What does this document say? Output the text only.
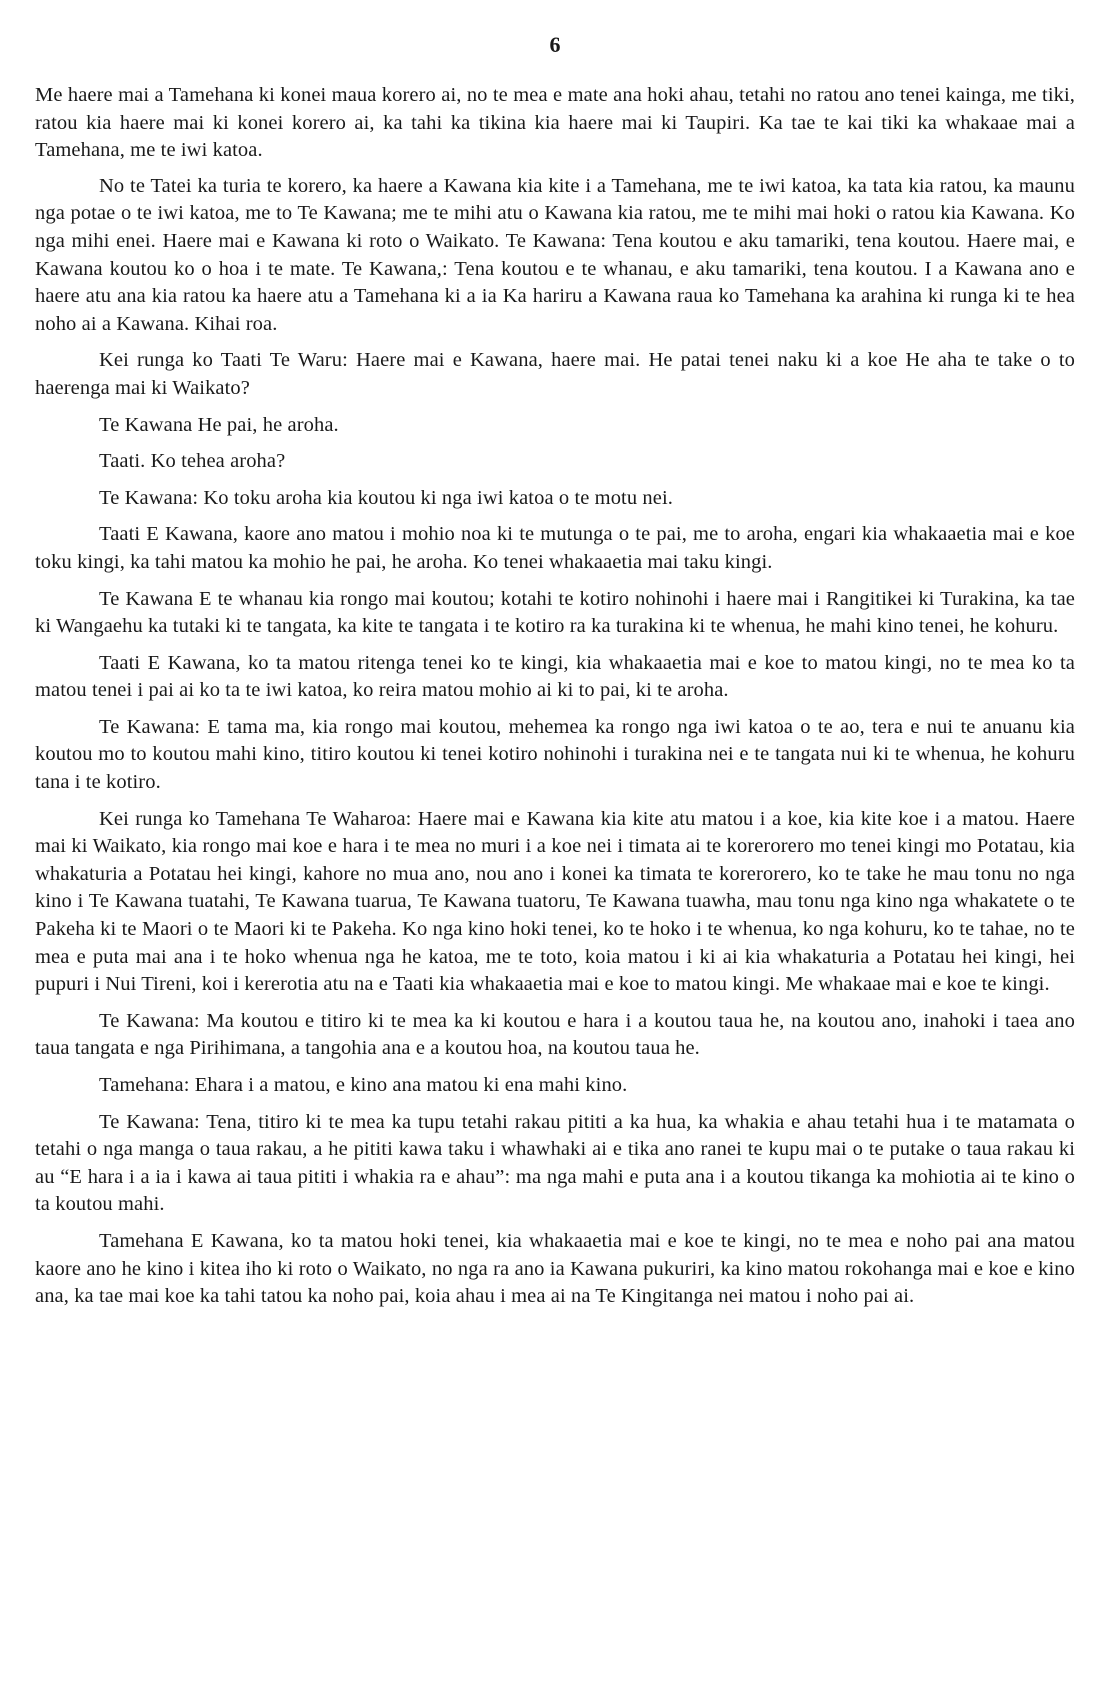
6

Me haere mai a Tamehana ki konei maua korero ai, no te mea e mate ana hoki ahau, tetahi no ratou ano tenei kainga, me tiki, ratou kia haere mai ki konei korero ai, ka tahi ka tikina kia haere mai ki Taupiri. Ka tae te kai tiki ka whakaae mai a Tamehana, me te iwi katoa.

No te Tatei ka turia te korero, ka haere a Kawana kia kite i a Tamehana, me te iwi katoa, ka tata kia ratou, ka maunu nga potae o te iwi katoa, me to Te Kawana; me te mihi atu o Kawana kia ratou, me te mihi mai hoki o ratou kia Kawana. Ko nga mihi enei. Haere mai e Kawana ki roto o Waikato. Te Kawana: Tena koutou e aku tamariki, tena koutou. Haere mai, e Kawana koutou ko o hoa i te mate. Te Kawana,: Tena koutou e te whanau, e aku tamariki, tena koutou. I a Kawana ano e haere atu ana kia ratou ka haere atu a Tamehana ki a ia Ka hariru a Kawana raua ko Tamehana ka arahina ki runga ki te hea noho ai a Kawana. Kihai roa.

Kei runga ko Taati Te Waru: Haere mai e Kawana, haere mai. He patai tenei naku ki a koe He aha te take o to haerenga mai ki Waikato?

Te Kawana He pai, he aroha.

Taati. Ko tehea aroha?

Te Kawana: Ko toku aroha kia koutou ki nga iwi katoa o te motu nei.

Taati E Kawana, kaore ano matou i mohio noa ki te mutunga o te pai, me to aroha, engari kia whakaaetia mai e koe toku kingi, ka tahi matou ka mohio he pai, he aroha. Ko tenei whakaaetia mai taku kingi.

Te Kawana E te whanau kia rongo mai koutou; kotahi te kotiro nohinohi i haere mai i Rangitikei ki Turakina, ka tae ki Wangaehu ka tutaki ki te tangata, ka kite te tangata i te kotiro ra ka turakina ki te whenua, he mahi kino tenei, he kohuru.

Taati E Kawana, ko ta matou ritenga tenei ko te kingi, kia whakaaetia mai e koe to matou kingi, no te mea ko ta matou tenei i pai ai ko ta te iwi katoa, ko reira matou mohio ai ki to pai, ki te aroha.

Te Kawana: E tama ma, kia rongo mai koutou, mehemea ka rongo nga iwi katoa o te ao, tera e nui te anuanu kia koutou mo to koutou mahi kino, titiro koutou ki tenei kotiro nohinohi i turakina nei e te tangata nui ki te whenua, he kohuru tana i te kotiro.

Kei runga ko Tamehana Te Waharoa: Haere mai e Kawana kia kite atu matou i a koe, kia kite koe i a matou. Haere mai ki Waikato, kia rongo mai koe e hara i te mea no muri i a koe nei i timata ai te korerorero mo tenei kingi mo Potatau, kia whakaturia a Potatau hei kingi, kahore no mua ano, nou ano i konei ka timata te korerorero, ko te take he mau tonu no nga kino i Te Kawana tuatahi, Te Kawana tuarua, Te Kawana tuatoru, Te Kawana tuawha, mau tonu nga kino nga whakatete o te Pakeha ki te Maori o te Maori ki te Pakeha. Ko nga kino hoki tenei, ko te hoko i te whenua, ko nga kohuru, ko te tahae, no te mea e puta mai ana i te hoko whenua nga he katoa, me te toto, koia matou i ki ai kia whakaturia a Potatau hei kingi, hei pupuri i Nui Tireni, koi i kererotia atu na e Taati kia whakaaetia mai e koe to matou kingi. Me whakaae mai e koe te kingi.

Te Kawana: Ma koutou e titiro ki te mea ka ki koutou e hara i a koutou taua he, na koutou ano, inahoki i taea ano taua tangata e nga Pirihimana, a tangohia ana e a koutou hoa, na koutou taua he.

Tamehana: Ehara i a matou, e kino ana matou ki ena mahi kino.

Te Kawana: Tena, titiro ki te mea ka tupu tetahi rakau pititi a ka hua, ka whakia e ahau tetahi hua i te matamata o tetahi o nga manga o taua rakau, a he pititi kawa taku i whawhaki ai e tika ano ranei te kupu mai o te putake o taua rakau ki au “E hara i a ia i kawa ai taua pititi i whakia ra e ahau”: ma nga mahi e puta ana i a koutou tikanga ka mohiotia ai te kino o ta koutou mahi.

Tamehana E Kawana, ko ta matou hoki tenei, kia whakaaetia mai e koe te kingi, no te mea e noho pai ana matou kaore ano he kino i kitea iho ki roto o Waikato, no nga ra ano ia Kawana pukuriri, ka kino matou rokohanga mai e koe e kino ana, ka tae mai koe ka tahi tatou ka noho pai, koia ahau i mea ai na Te Kingitanga nei matou i noho pai ai.
